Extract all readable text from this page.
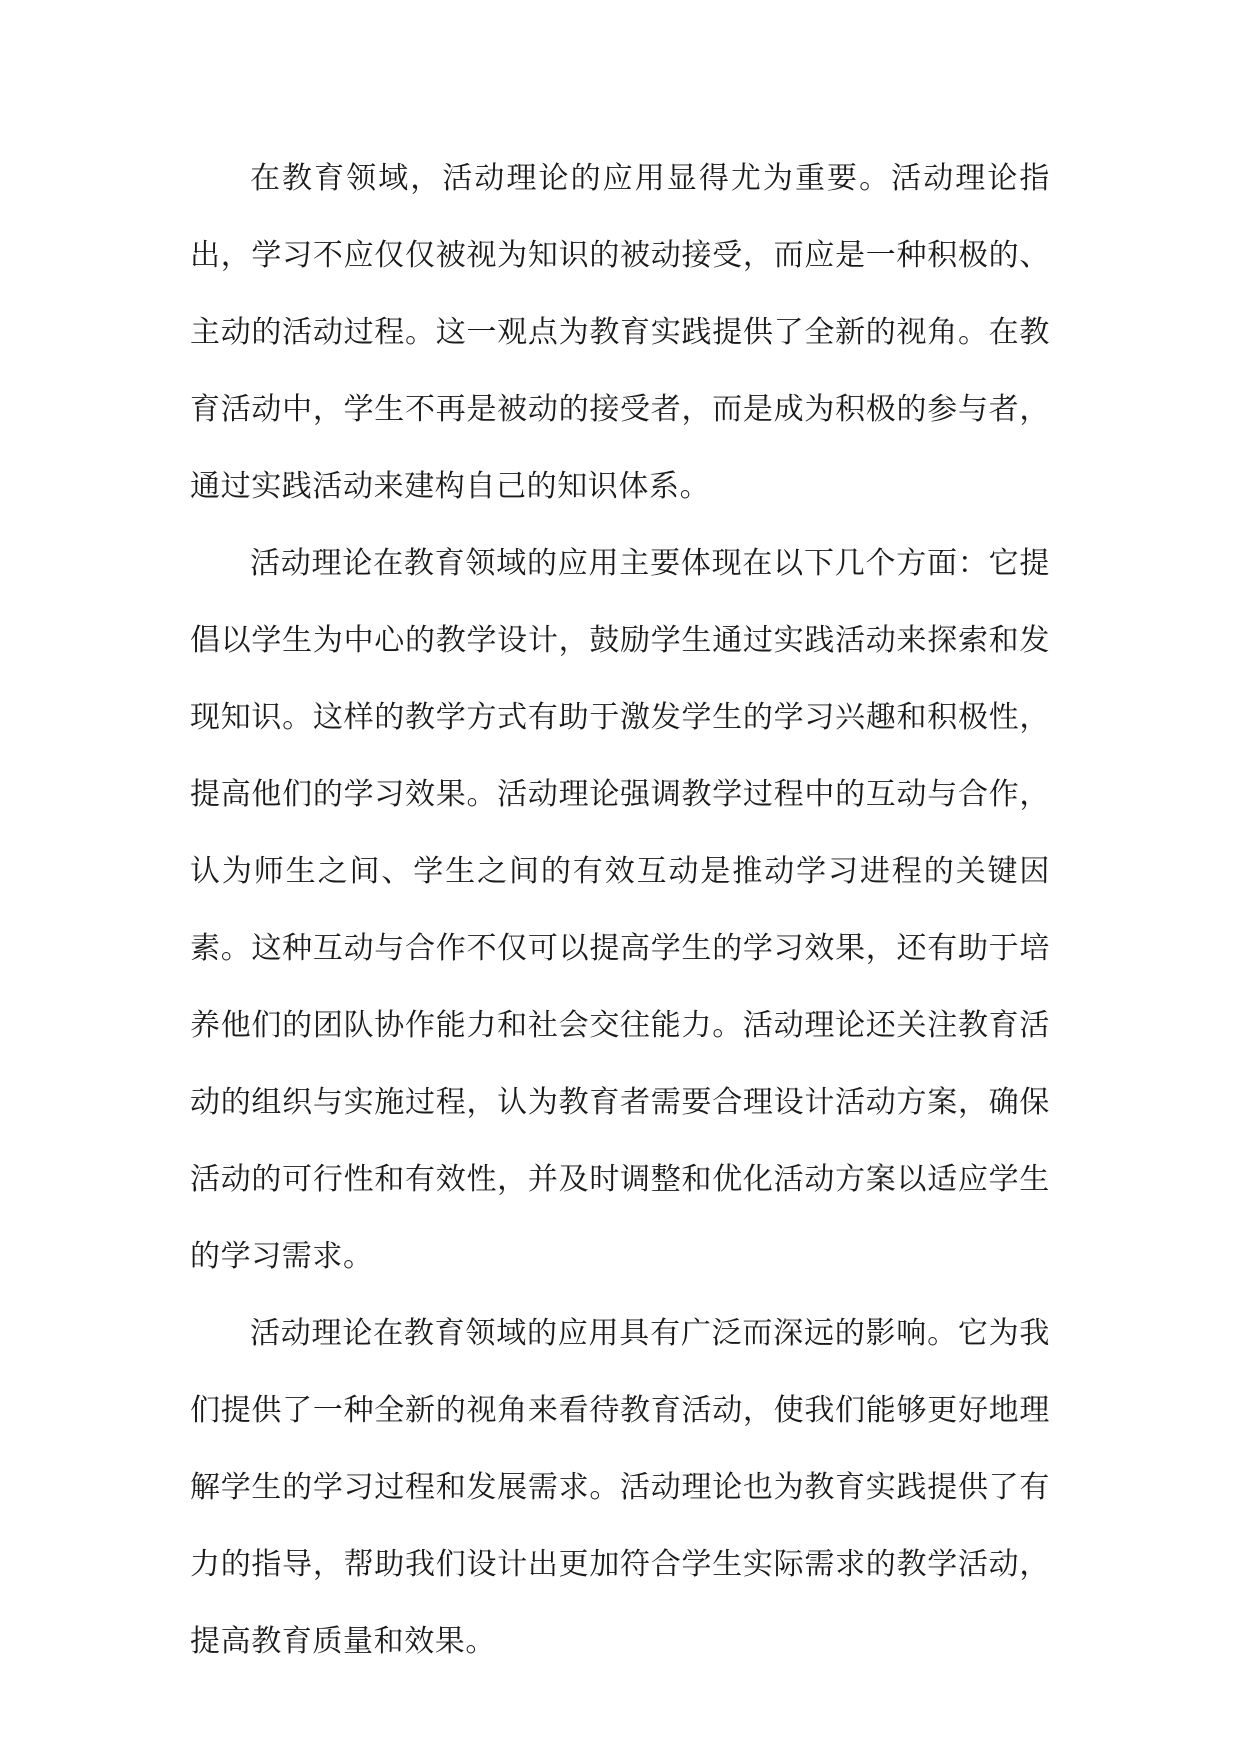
在教育领域，活动理论的应用显得尤为重要。活动理论指出，学习不应仅仅被视为知识的被动接受，而应是一种积极的、主动的活动过程。这一观点为教育实践提供了全新的视角。在教育活动中，学生不再是被动的接受者，而是成为积极的参与者，通过实践活动来建构自己的知识体系。

活动理论在教育领域的应用主要体现在以下几个方面：它提倡以学生为中心的教学设计，鼓励学生通过实践活动来探索和发现知识。这样的教学方式有助于激发学生的学习兴趣和积极性，提高他们的学习效果。活动理论强调教学过程中的互动与合作，认为师生之间、学生之间的有效互动是推动学习进程的关键因素。这种互动与合作不仅可以提高学生的学习效果，还有助于培养他们的团队协作能力和社会交往能力。活动理论还关注教育活动的组织与实施过程，认为教育者需要合理设计活动方案，确保活动的可行性和有效性，并及时调整和优化活动方案以适应学生的学习需求。

活动理论在教育领域的应用具有广泛而深远的影响。它为我们提供了一种全新的视角来看待教育活动，使我们能够更好地理解学生的学习过程和发展需求。活动理论也为教育实践提供了有力的指导，帮助我们设计出更加符合学生实际需求的教学活动，提高教育质量和效果。
